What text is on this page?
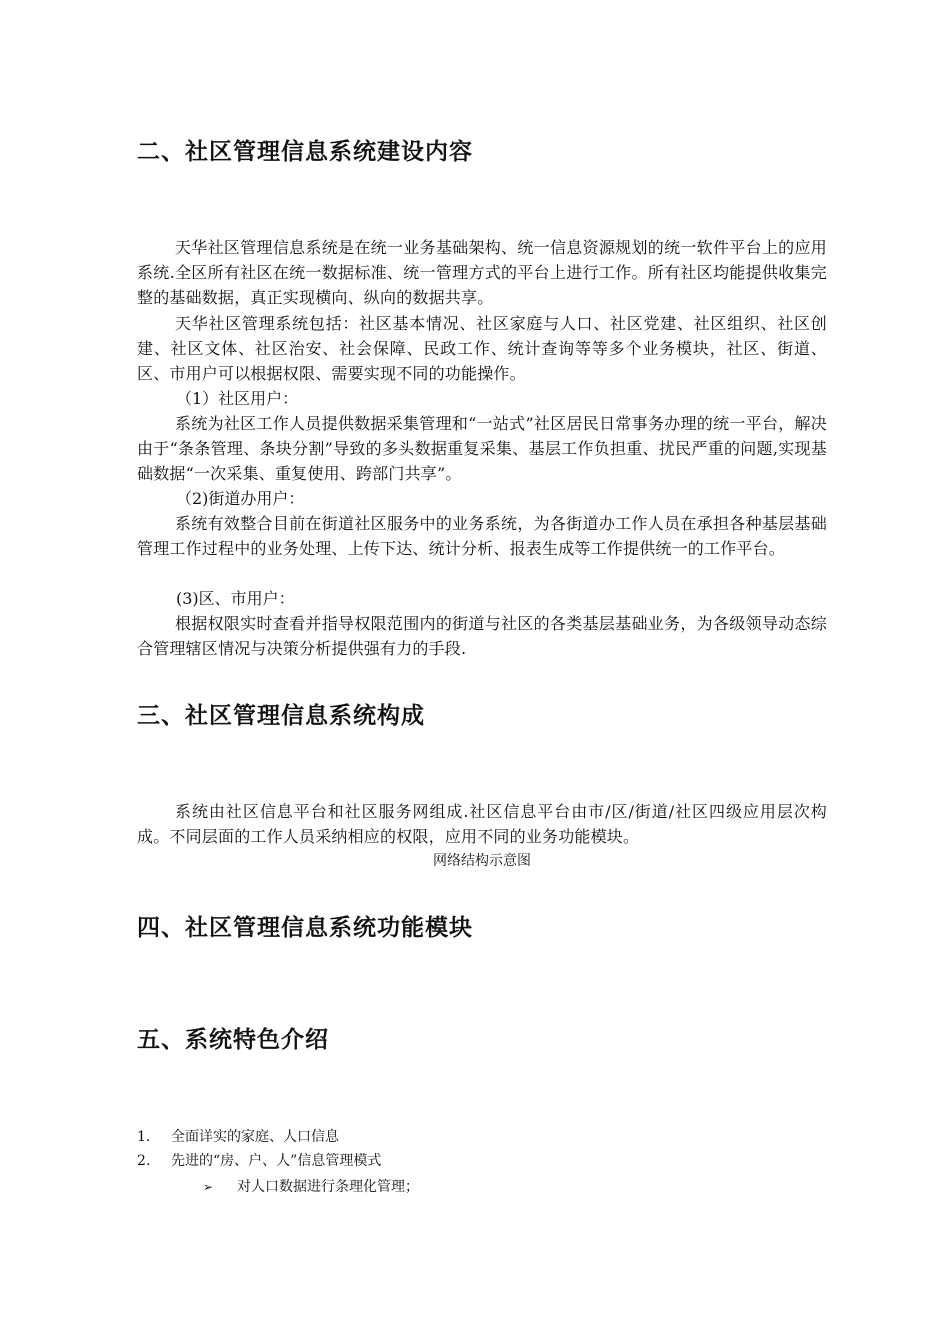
二、社区管理信息系统建设内容

天华社区管理信息系统是在统一业务基础架构、统一信息资源规划的统一软件平台上的应用系统.全区所有社区在统一数据标准、统一管理方式的平台上进行工作。所有社区均能提供收集完整的基础数据，真正实现横向、纵向的数据共享。

天华社区管理系统包括：社区基本情况、社区家庭与人口、社区党建、社区组织、社区创建、社区文体、社区治安、社会保障、民政工作、统计查询等等多个业务模块，社区、街道、区、市用户可以根据权限、需要实现不同的功能操作。

（1）社区用户：

系统为社区工作人员提供数据采集管理和“一站式”社区居民日常事务办理的统一平台，解决由于“条条管理、条块分割”导致的多头数据重复采集、基层工作负担重、扰民严重的问题,实现基础数据“一次采集、重复使用、跨部门共享”。

（2)街道办用户：

系统有效整合目前在街道社区服务中的业务系统，为各街道办工作人员在承担各种基层基础管理工作过程中的业务处理、上传下达、统计分析、报表生成等工作提供统一的工作平台。

(3)区、市用户：

根据权限实时查看并指导权限范围内的街道与社区的各类基层基础业务，为各级领导动态综合管理辖区情况与决策分析提供强有力的手段.

三、社区管理信息系统构成

系统由社区信息平台和社区服务网组成.社区信息平台由市/区/街道/社区四级应用层次构成。不同层面的工作人员采纳相应的权限，应用不同的业务功能模块。

网络结构示意图

四、社区管理信息系统功能模块
五、系统特色介绍
1.	全面详实的家庭、人口信息
2.	先进的“房、户、人”信息管理模式
➢	对人口数据进行条理化管理；
